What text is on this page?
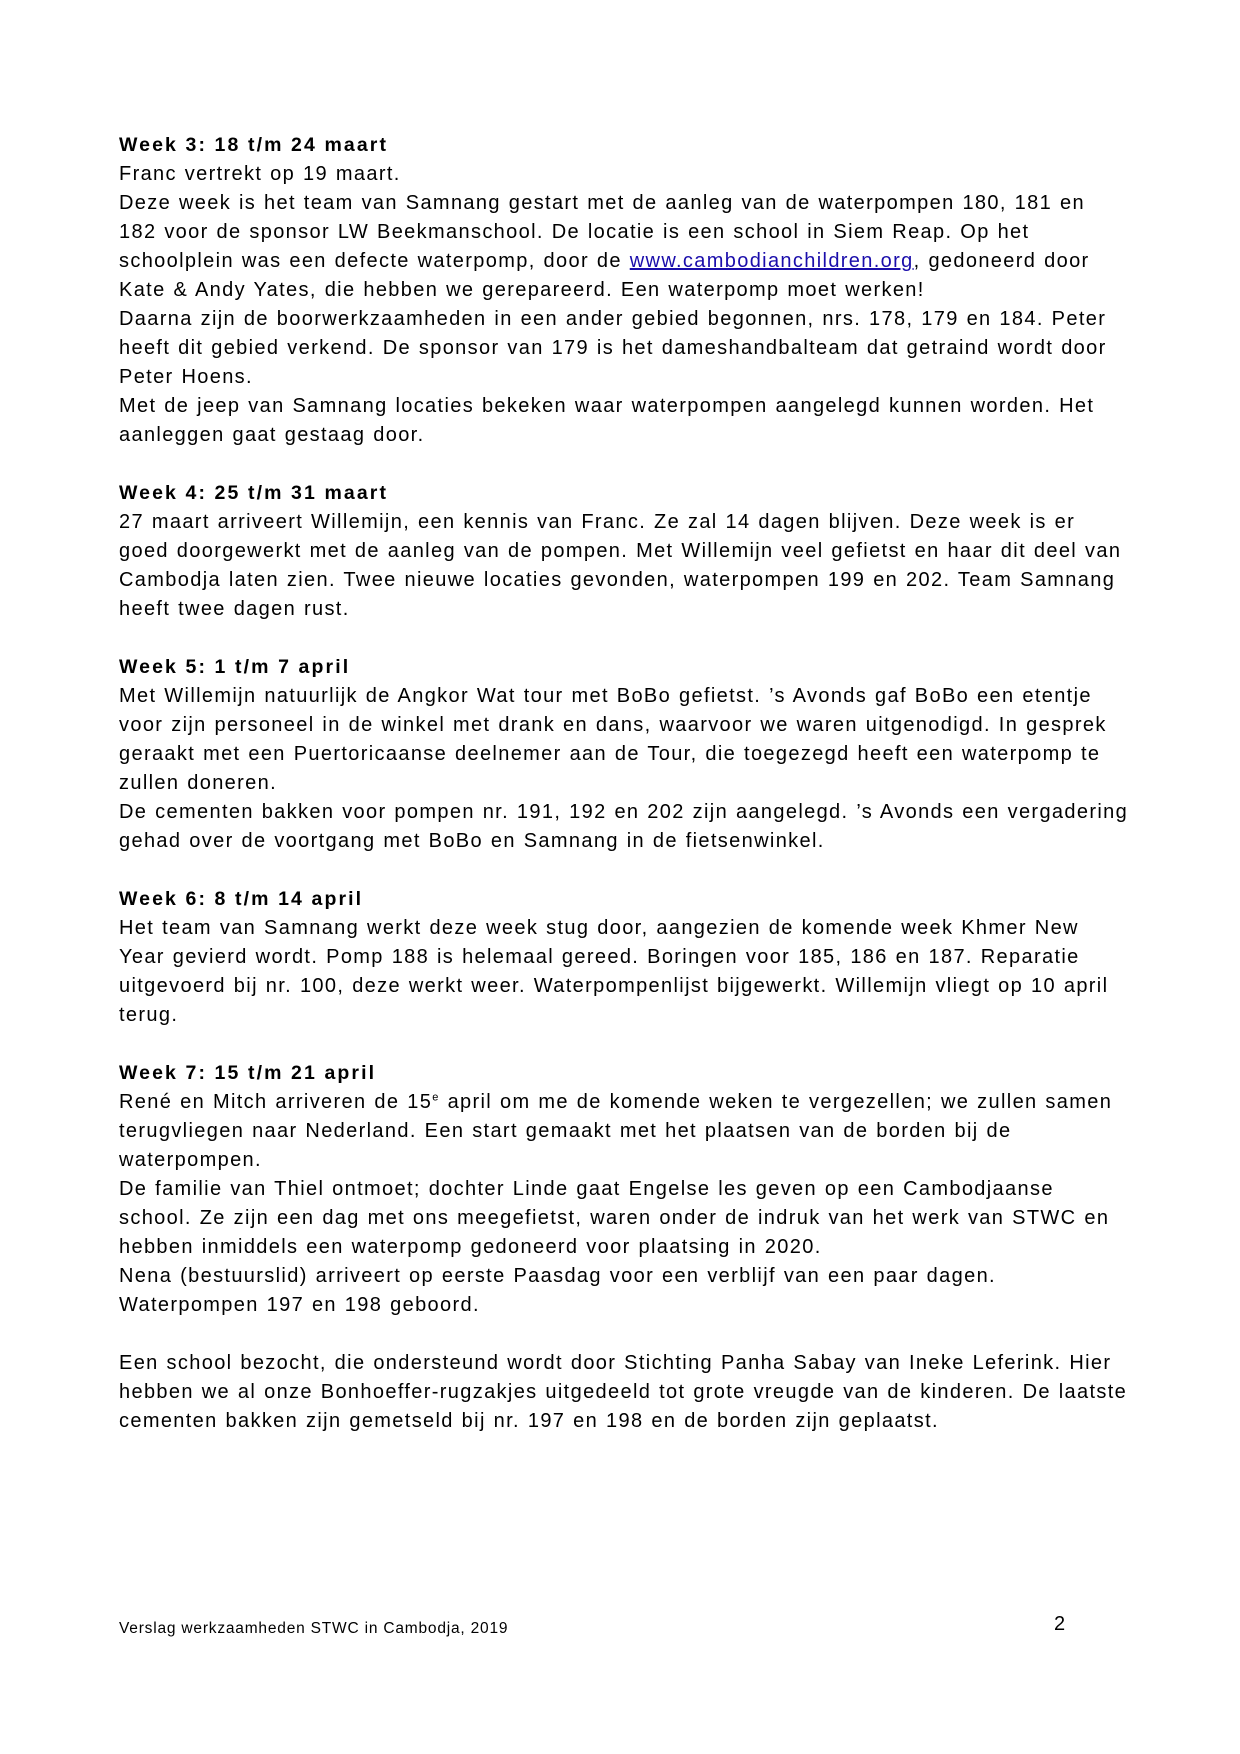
Week 3: 18 t/m 24 maart

Franc vertrekt op 19 maart.

Deze week is het team van Samnang gestart met de aanleg van de waterpompen 180, 181 en 182 voor de sponsor LW Beekmanschool. De locatie is een school in Siem Reap. Op het schoolplein was een defecte waterpomp, door de www.cambodianchildren.org, gedoneerd door Kate & Andy Yates, die hebben we gerepareerd. Een waterpomp moet werken!

Daarna zijn de boorwerkzaamheden in een ander gebied begonnen, nrs. 178, 179 en 184. Peter heeft dit gebied verkend. De sponsor van 179 is het dameshandbalteam dat getraind wordt door Peter Hoens.

Met de jeep van Samnang locaties bekeken waar waterpompen aangelegd kunnen worden. Het aanleggen gaat gestaag door.

Week 4: 25 t/m 31 maart

27 maart arriveert Willemijn, een kennis van Franc. Ze zal 14 dagen blijven. Deze week is er goed doorgewerkt met de aanleg van de pompen. Met Willemijn veel gefietst en haar dit deel van Cambodja laten zien. Twee nieuwe locaties gevonden, waterpompen 199 en 202. Team Samnang heeft twee dagen rust.

Week 5: 1 t/m 7 april

Met Willemijn natuurlijk de Angkor Wat tour met BoBo gefietst. ’s Avonds gaf BoBo een etentje voor zijn personeel in de winkel met drank en dans, waarvoor we waren uitgenodigd. In gesprek geraakt met een Puertoricaanse deelnemer aan de Tour, die toegezegd heeft een waterpomp te zullen doneren.

De cementen bakken voor pompen nr. 191, 192 en 202 zijn aangelegd. ’s Avonds een vergadering gehad over de voortgang met BoBo en Samnang in de fietsenwinkel.

Week 6: 8 t/m 14 april

Het team van Samnang werkt deze week stug door, aangezien de komende week Khmer New Year gevierd wordt. Pomp 188 is helemaal gereed. Boringen voor 185, 186 en 187. Reparatie uitgevoerd bij nr. 100, deze werkt weer. Waterpompenlijst bijgewerkt. Willemijn vliegt op 10 april terug.

Week 7: 15 t/m 21 april

René en Mitch arriveren de 15e april om me de komende weken te vergezellen; we zullen samen terugvliegen naar Nederland. Een start gemaakt met het plaatsen van de borden bij de waterpompen.

De familie van Thiel ontmoet; dochter Linde gaat Engelse les geven op een Cambodjaanse school. Ze zijn een dag met ons meegefietst, waren onder de indruk van het werk van STWC en hebben inmiddels een waterpomp gedoneerd voor plaatsing in 2020.

Nena (bestuurslid) arriveert op eerste Paasdag voor een verblijf van een paar dagen.

Waterpompen 197 en 198 geboord.

Een school bezocht, die ondersteund wordt door Stichting Panha Sabay van Ineke Leferink. Hier hebben we al onze Bonhoeffer-rugzakjes uitgedeeld tot grote vreugde van de kinderen. De laatste cementen bakken zijn gemetseld bij nr. 197 en 198 en de borden zijn geplaatst.

Verslag werkzaamheden STWC in Cambodja, 2019	2
